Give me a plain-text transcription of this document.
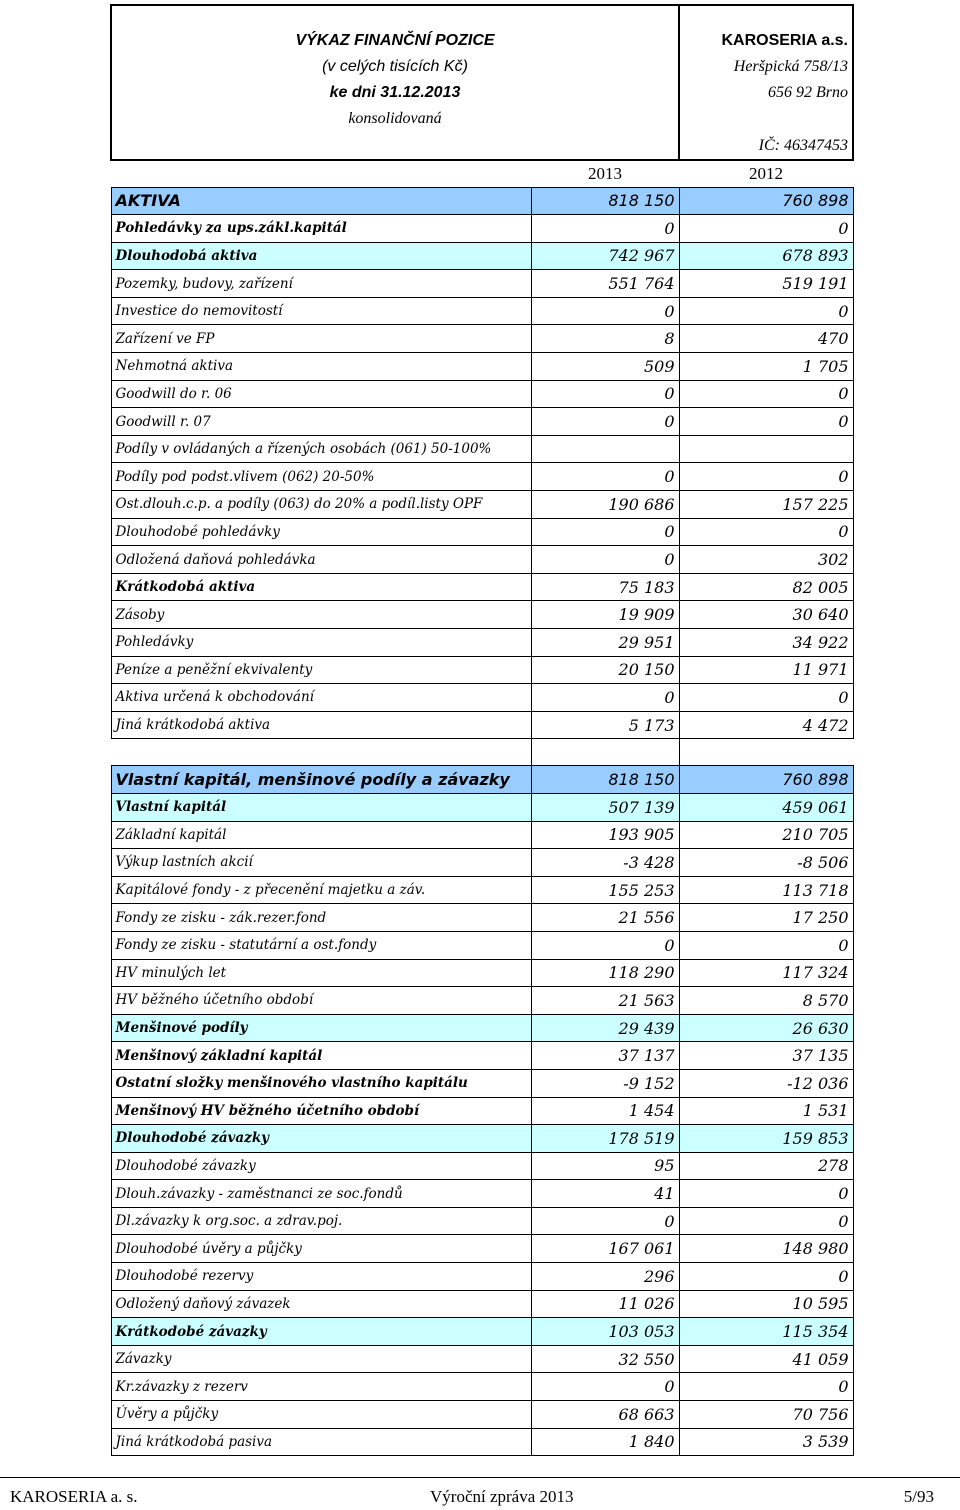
VÝKAZ FINANČNÍ POZICE		KAROSERIA a.s.
(v celých tisících Kč)		Heršpická 758/13
ke dni 31.12.2013		656 92 Brno
konsolidovaná		
		IČ: 46347453
	2013	2012
AKTIVA	818 150	760 898
Pohledávky za ups.zákl.kapitál	0	0
Dlouhodobá aktiva	742 967	678 893
Pozemky, budovy, zařízení	551 764	519 191
Investice do nemovitostí	0	0
Zařízení ve FP	8	470
Nehmotná aktiva	509	1 705
Goodwill do r. 06	0	0
Goodwill r. 07	0	0
Podíly v ovládaných a řízených osobách (061) 50-100%		
Podíly pod podst.vlivem (062) 20-50%	0	0
Ost.dlouh.c.p. a podíly (063) do 20% a podíl.listy OPF	190 686	157 225
Dlouhodobé pohledávky	0	0
Odložená daňová pohledávka	0	302
Krátkodobá aktiva	75 183	82 005
Zásoby	19 909	30 640
Pohledávky	29 951	34 922
Peníze a peněžní ekvivalenty	20 150	11 971
Aktiva určená k obchodování	0	0
Jiná krátkodobá aktiva	5 173	4 472

Vlastní kapitál, menšinové podíly a závazky	818 150	760 898
Vlastní kapitál	507 139	459 061
Základní kapitál	193 905	210 705
Výkup lastních akcií	-3 428	-8 506
Kapitálové fondy - z přecenění majetku a záv.	155 253	113 718
Fondy ze zisku - zák.rezer.fond	21 556	17 250
Fondy ze zisku - statutární a ost.fondy	0	0
HV minulých let	118 290	117 324
HV běžného účetního období	21 563	8 570
Menšinové podíly	29 439	26 630
Menšinový základní kapitál	37 137	37 135
Ostatní složky menšinového vlastního kapitálu	-9 152	-12 036
Menšinový HV běžného účetního období	1 454	1 531
Dlouhodobé závazky	178 519	159 853
Dlouhodobé závazky	95	278
Dlouh.závazky - zaměstnanci ze soc.fondů	41	0
Dl.závazky k org.soc. a zdrav.poj.	0	0
Dlouhodobé úvěry a půjčky	167 061	148 980
Dlouhodobé rezervy	296	0
Odložený daňový závazek	11 026	10 595
Krátkodobé závazky	103 053	115 354
Závazky	32 550	41 059
Kr.závazky z rezerv	0	0
Úvěry a půjčky	68 663	70 756
Jiná krátkodobá pasiva	1 840	3 539
KAROSERIA a. s.	Výroční zpráva 2013	5/93
